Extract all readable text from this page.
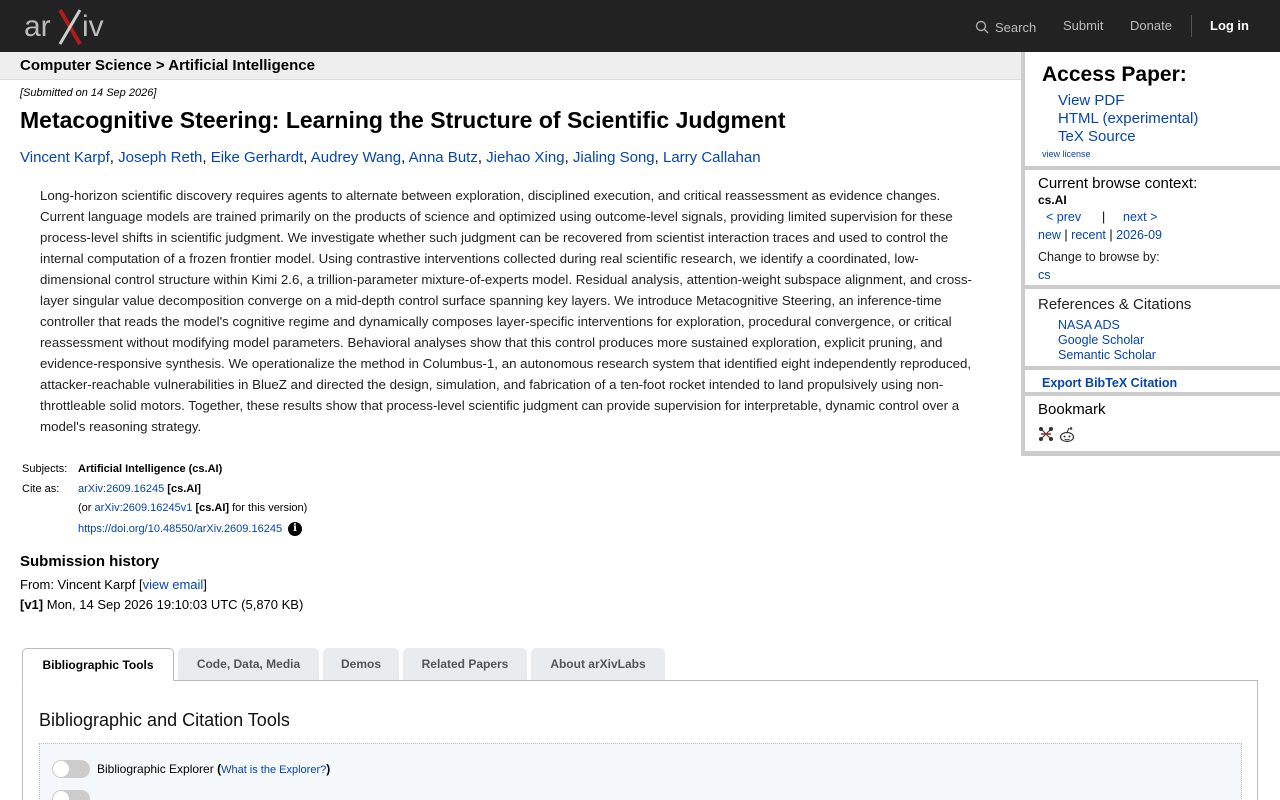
ar iv	Search Submit Donate	Log in
Computer Science > Artificial Intelligence
[Submitted on 14 Sep 2026]
Metacognitive Steering: Learning the Structure of Scientific Judgment
Vincent Karpf, Joseph Reth, Eike Gerhardt, Audrey Wang, Anna Butz, Jiehao Xing, Jialing Song, Larry Callahan

Long-horizon scientific discovery requires agents to alternate between exploration, disciplined execution, and critical reassessment as evidence changes. Current language models are trained primarily on the products of science and optimized using outcome-level signals, providing limited supervision for these process-level shifts in scientific judgment. We investigate whether such judgment can be recovered from scientist interaction traces and used to control the internal computation of a frozen frontier model. Using contrastive interventions collected during real scientific research, we identify a coordinated, low-dimensional control structure within Kimi 2.6, a trillion-parameter mixture-of-experts model. Residual analysis, attention-weight subspace alignment, and cross-layer singular value decomposition converge on a mid-depth control surface spanning key layers. We introduce Metacognitive Steering, an inference-time controller that reads the model's cognitive regime and dynamically composes layer-specific interventions for exploration, procedural convergence, or critical reassessment without modifying model parameters. Behavioral analyses show that this control produces more sustained exploration, explicit pruning, and evidence-responsive synthesis. We operationalize the method in Columbus-1, an autonomous research system that identified eight independently reproduced, attacker-reachable vulnerabilities in BlueZ and directed the design, simulation, and fabrication of a ten-foot rocket intended to land propulsively using non-throttleable solid motors. Together, these results show that process-level scientific judgment can provide supervision for interpretable, dynamic control over a model's reasoning strategy.

Subjects: Artificial Intelligence (cs.AI)
Cite as: arXiv:2609.16245 [cs.AI]
(or arXiv:2609.16245v1 [cs.AI] for this version)
https://doi.org/10.48550/arXiv.2609.16245 i
Submission history
From: Vincent Karpf [view email]
[v1] Mon, 14 Sep 2026 19:10:03 UTC (5,870 KB)
Bibliographic Tools	Code, Data, Media	Demos	Related Papers	About arXivLabs
Bibliographic and Citation Tools
Bibliographic Explorer (What is the Explorer?)
Access Paper:
View PDF
HTML (experimental)
TeX Source
view license
Current browse context:
cs.AI
< prev | next >
new | recent | 2026-09
Change to browse by:
cs
References & Citations
NASA ADS
Google Scholar
Semantic Scholar
Export BibTeX Citation
Bookmark
